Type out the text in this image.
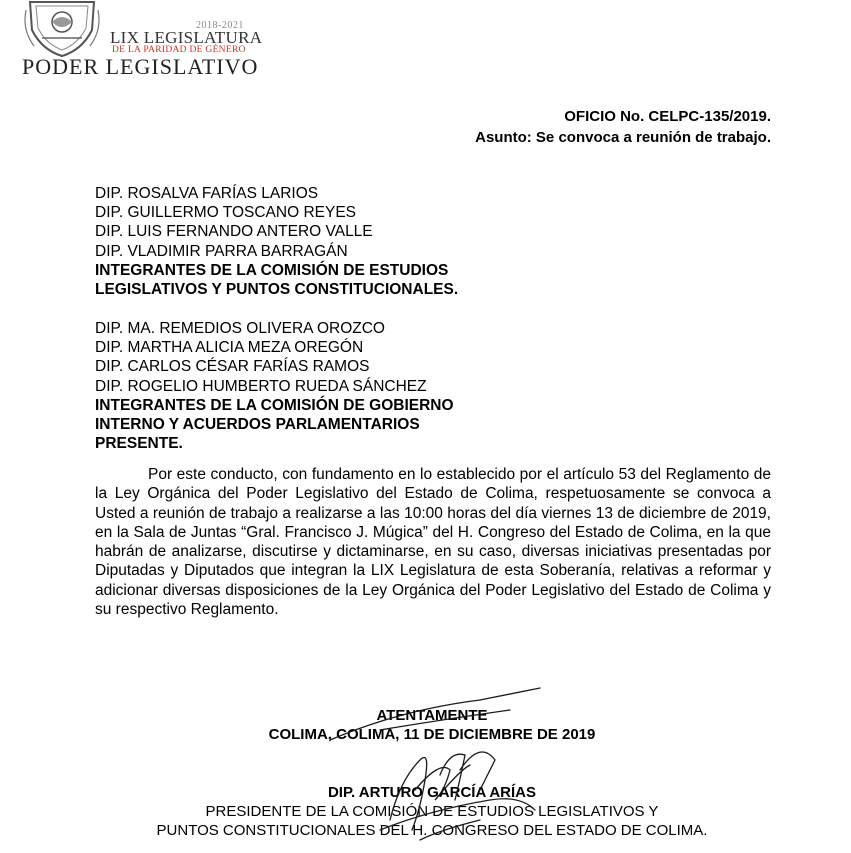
2018-2021
LIX LEGISLATURA
DE LA PARIDAD DE GÉNERO
PODER LEGISLATIVO
OFICIO No. CELPC-135/2019.
Asunto: Se convoca a reunión de trabajo.
DIP. ROSALVA FARÍAS LARIOS
DIP. GUILLERMO TOSCANO REYES
DIP. LUIS FERNANDO ANTERO VALLE
DIP. VLADIMIR PARRA BARRAGÁN
INTEGRANTES DE LA COMISIÓN DE ESTUDIOS
LEGISLATIVOS Y PUNTOS CONSTITUCIONALES.
DIP. MA. REMEDIOS OLIVERA OROZCO
DIP. MARTHA ALICIA MEZA OREGÓN
DIP. CARLOS CÉSAR FARÍAS RAMOS
DIP. ROGELIO HUMBERTO RUEDA SÁNCHEZ
INTEGRANTES DE LA COMISIÓN DE GOBIERNO
INTERNO Y ACUERDOS PARLAMENTARIOS
PRESENTE.
Por este conducto, con fundamento en lo establecido por el artículo 53 del Reglamento de la Ley Orgánica del Poder Legislativo del Estado de Colima, respetuosamente se convoca a Usted a reunión de trabajo a realizarse a las 10:00 horas del día viernes 13 de diciembre de 2019, en la Sala de Juntas “Gral. Francisco J. Múgica” del H. Congreso del Estado de Colima, en la que habrán de analizarse, discutirse y dictaminarse, en su caso, diversas iniciativas presentadas por Diputadas y Diputados que integran la LIX Legislatura de esta Soberanía, relativas a reformar y adicionar diversas disposiciones de la Ley Orgánica del Poder Legislativo del Estado de Colima y su respectivo Reglamento.
ATENTAMENTE
COLIMA, COLIMA, 11 DE DICIEMBRE DE 2019
DIP. ARTURO GARCÍA ARÍAS
PRESIDENTE DE LA COMISIÓN DE ESTUDIOS LEGISLATIVOS Y
PUNTOS CONSTITUCIONALES DEL H. CONGRESO DEL ESTADO DE COLIMA.
